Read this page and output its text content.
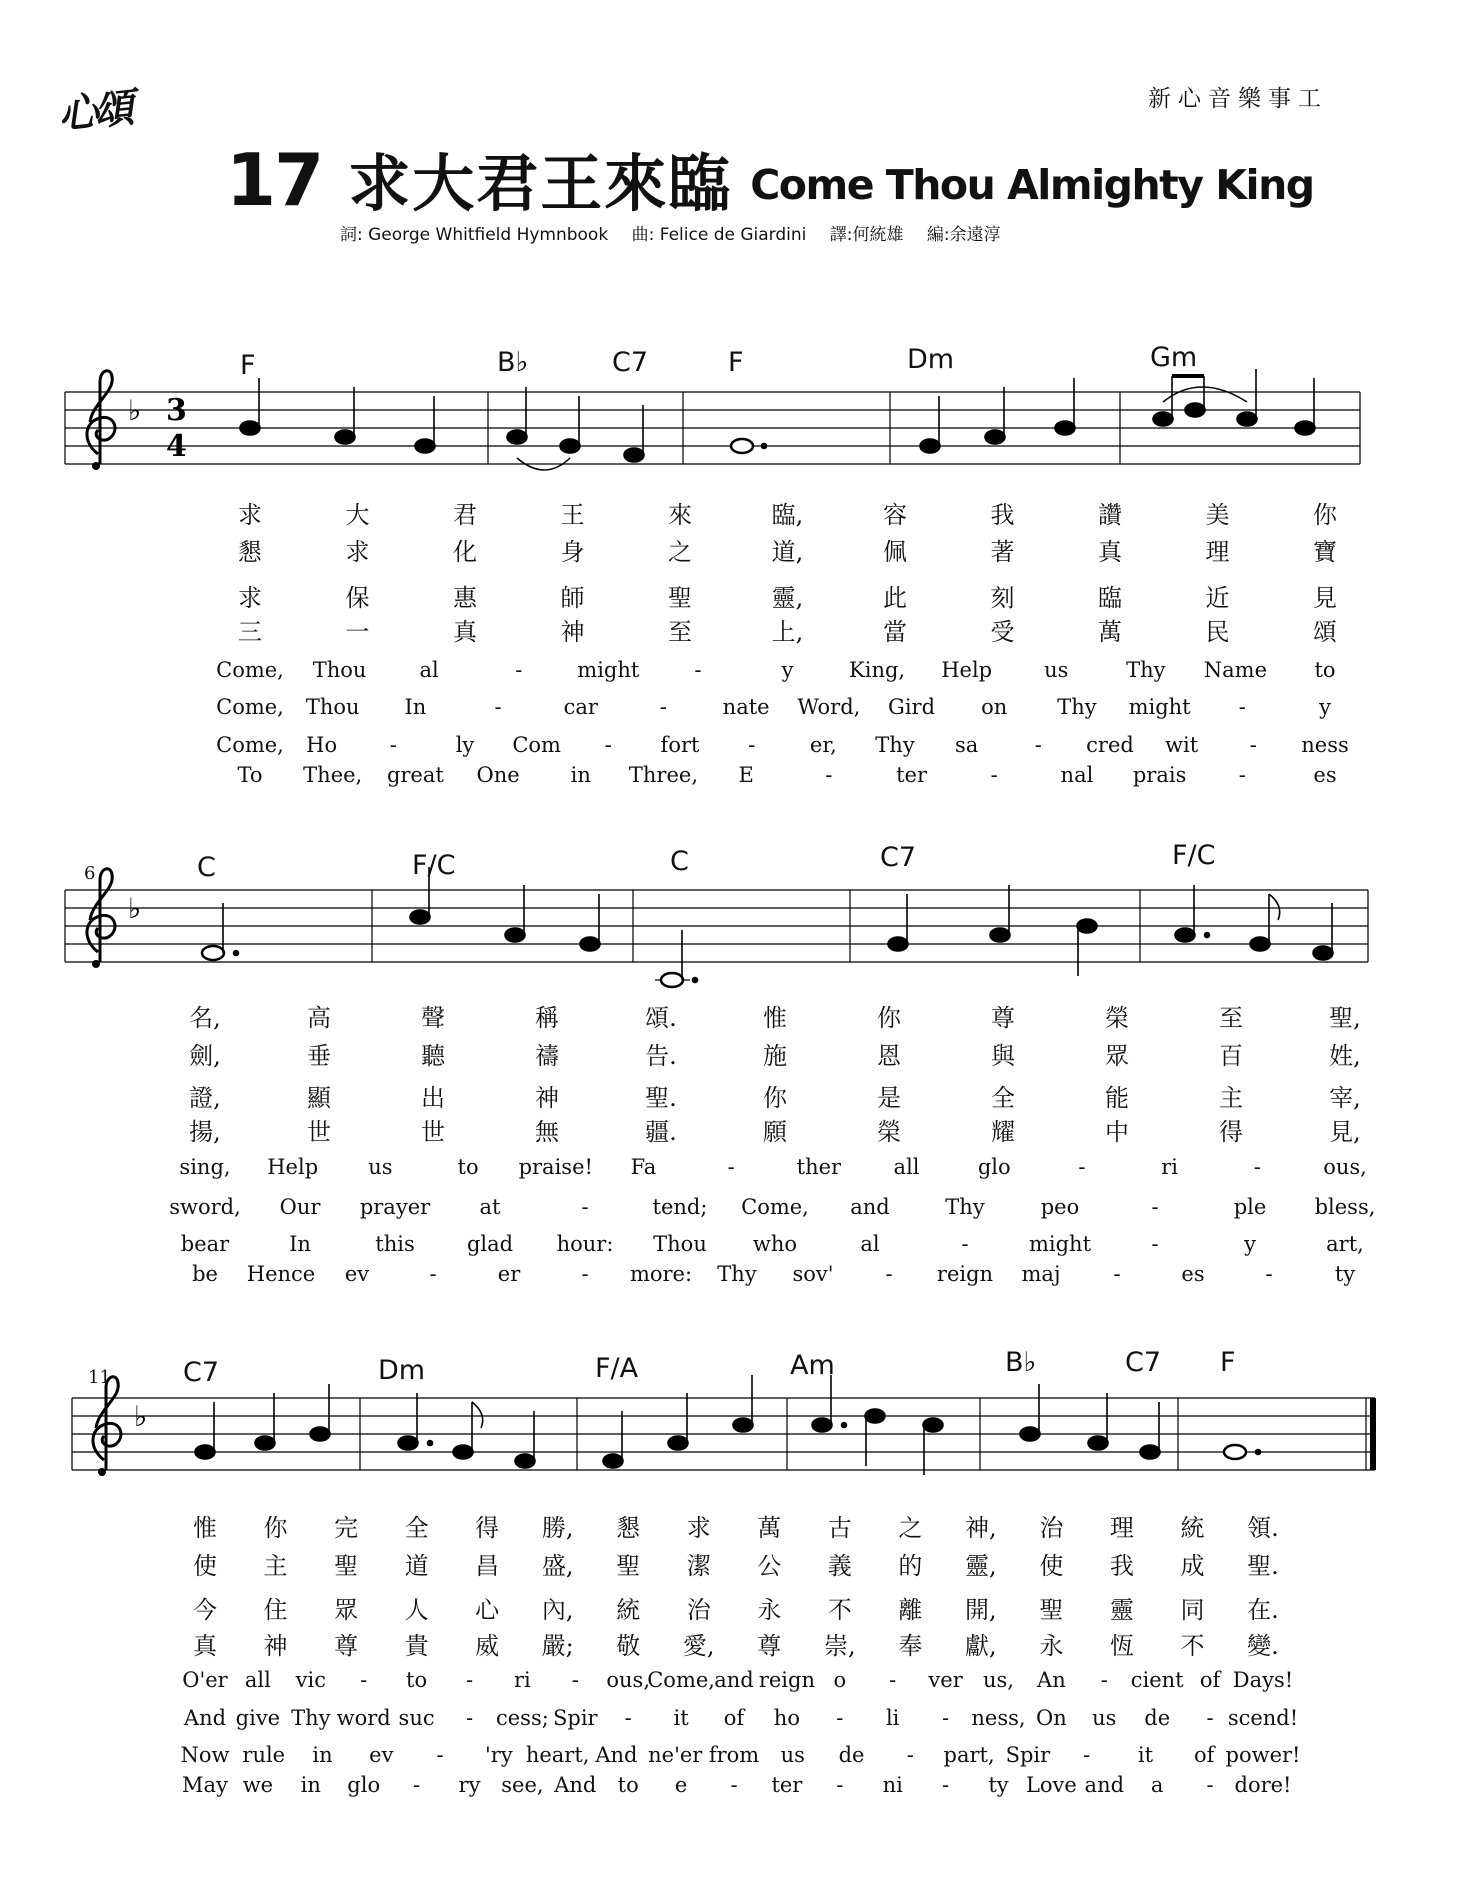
心頌	新心音樂事工
17 求大君王來臨 Come Thou Almighty King
詞: George Whitfield Hymnbook 曲: Felice de Giardini 譯:何統雄 編:余遠淳
♭ 3
4
♭
♭
F	B♭	C7	F	Dm	Gm
6	C	F/C	C	C7	F/C
11	C7	Dm	F/A	Am	B♭	C7 F
求	大	君	王	來	臨,	容	我	讚	美	你
懇	求	化	身	之	道,	佩	著	真	理	寶
求	保	惠	師	聖	靈,	此	刻	臨	近	見
三	一	真	神	至	上,	當	受	萬	民	頌
Come, Thou	al	-	might	-	y	King, Help us	Thy Name to
Come, Thou In	-	car	-	nate Word, Gird on Thy might -	y
Come, Ho	-	ly Com - fort -	er, Thy sa	- cred wit - ness
To Thee, great One in Three, E	-	ter	-	nal prais -	es
名,	高	聲	稱	頌.	惟	你	尊	榮	至	聖,
劍,	垂	聽	禱	告.	施	恩	與	眾	百	姓,
證,	顯	出	神	聖.	你	是	全	能	主	宰,
揚,	世	世	無	疆.	願	榮	耀	中	得	見,
sing, Help us	to praise! Fa	-	ther all	glo	-	ri	-	ous,
sword, Our prayer at	-	tend; Come, and	Thy	peo	-	ple bless,
bear	In	this glad hour: Thou who	al	-	might	-	y	art,
be Hence ev	-	er	- more: Thy sov' - reign maj	-	es	-	ty
惟 你 完 全 得 勝, 懇 求 萬 古 之 神, 治 理 統 領.
使 主 聖 道 昌 盛, 聖 潔 公 義 的 靈, 使 我 成 聖.
今 住 眾 人 心 內, 統 治 永 不 離 開, 聖 靈 同 在.
真 神 尊 貴 威 嚴; 敬 愛, 尊 崇, 奉 獻, 永 恆 不 變.
O'er all vic - to - ri - ous,
Come, and reign o - ver us, An - cient of Days!
And give Thy word suc - cess; Spir - it of ho - li - ness, On us de - scend!
Now rule in ev - 'ry heart, And ne'er from us de - part, Spir - it of power!
May we in glo - ry see, And to e - ter - ni - ty Love and a - dore!
